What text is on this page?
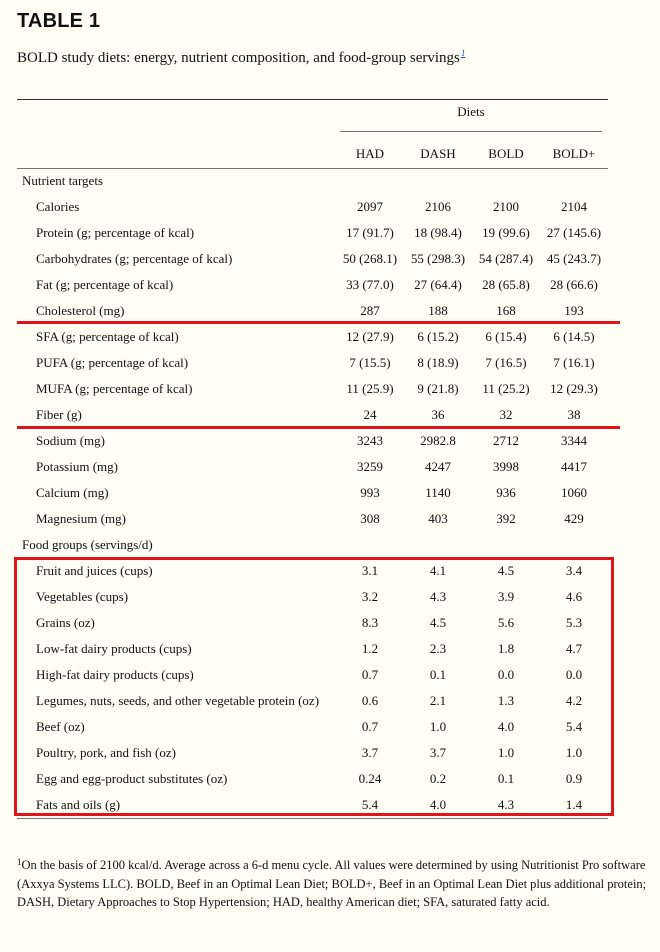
TABLE 1
BOLD study diets: energy, nutrient composition, and food-group servings$^1$
Diets
HAD	DASH	BOLD	BOLD+
Nutrient targets
Calories	2097	2106	2100	2104
Protein (g; percentage of kcal)	17 (91.7)	18 (98.4)	19 (99.6)	27 (145.6)
Carbohydrates (g; percentage of kcal)	50 (268.1)	55 (298.3)	54 (287.4)	45 (243.7)
Fat (g; percentage of kcal)	33 (77.0)	27 (64.4)	28 (65.8)	28 (66.6)
Cholesterol (mg)	287	188	168	193
SFA (g; percentage of kcal)	12 (27.9)	6 (15.2)	6 (15.4)	6 (14.5)
PUFA (g; percentage of kcal)	7 (15.5)	8 (18.9)	7 (16.5)	7 (16.1)
MUFA (g; percentage of kcal)	11 (25.9)	9 (21.8)	11 (25.2)	12 (29.3)
Fiber (g)	24	36	32	38
Sodium (mg)	3243	2982.8	2712	3344
Potassium (mg)	3259	4247	3998	4417
Calcium (mg)	993	1140	936	1060
Magnesium (mg)	308	403	392	429
Food groups (servings/d)
Fruit and juices (cups)	3.1	4.1	4.5	3.4
Vegetables (cups)	3.2	4.3	3.9	4.6
Grains (oz)	8.3	4.5	5.6	5.3
Low-fat dairy products (cups)	1.2	2.3	1.8	4.7
High-fat dairy products (cups)	0.7	0.1	0.0	0.0
Legumes, nuts, seeds, and other vegetable protein (oz)	0.6	2.1	1.3	4.2
Beef (oz)	0.7	1.0	4.0	5.4
Poultry, pork, and fish (oz)	3.7	3.7	1.0	1.0
Egg and egg-product substitutes (oz)	0.24	0.2	0.1	0.9
Fats and oils (g)	5.4	4.0	4.3	1.4
$^1$On the basis of 2100 kcal/d. Average across a 6-d menu cycle. All values were determined by using Nutritionist Pro software (Axxya Systems LLC). BOLD, Beef in an Optimal Lean Diet; BOLD+, Beef in an Optimal Lean Diet plus additional protein; DASH, Dietary Approaches to Stop Hypertension; HAD, healthy American diet; SFA, saturated fatty acid.
